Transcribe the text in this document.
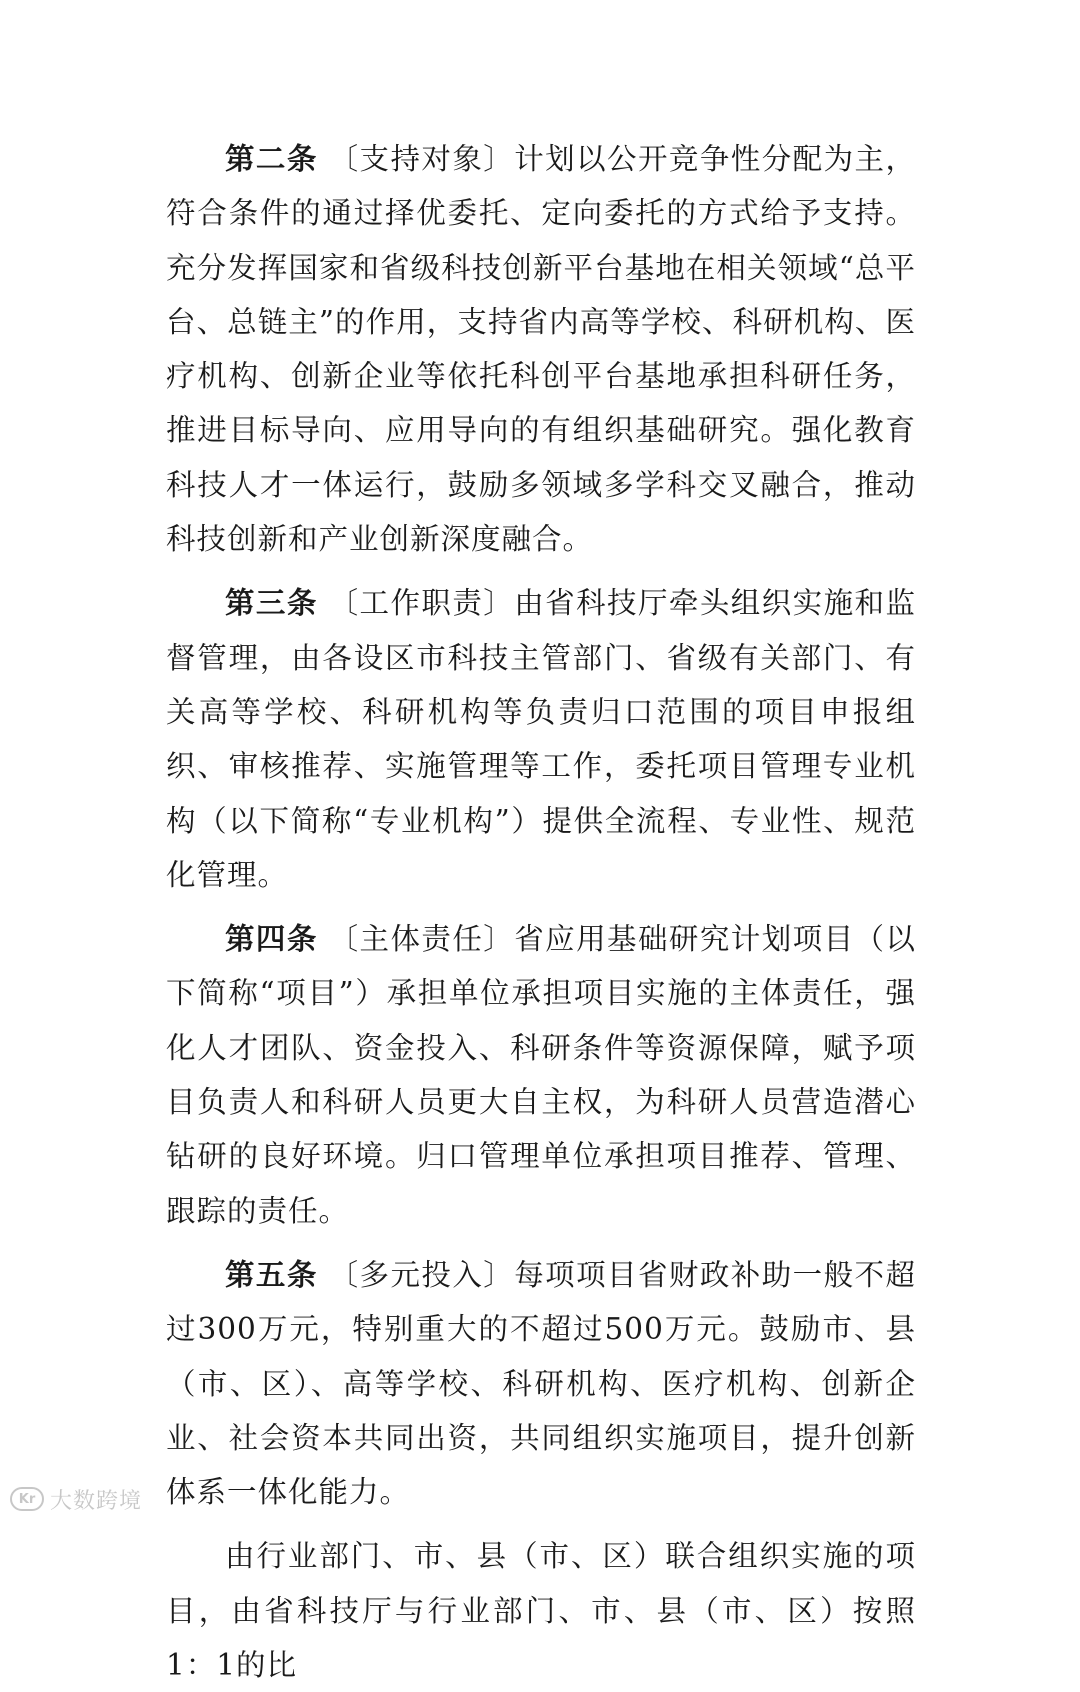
第二条 〔支持对象〕计划以公开竞争性分配为主，符合条件的通过择优委托、定向委托的方式给予支持。充分发挥国家和省级科技创新平台基地在相关领域“总平台、总链主”的作用，支持省内高等学校、科研机构、医疗机构、创新企业等依托科创平台基地承担科研任务，推进目标导向、应用导向的有组织基础研究。强化教育科技人才一体运行，鼓励多领域多学科交叉融合，推动科技创新和产业创新深度融合。

第三条 〔工作职责〕由省科技厅牵头组织实施和监督管理，由各设区市科技主管部门、省级有关部门、有关高等学校、科研机构等负责归口范围的项目申报组织、审核推荐、实施管理等工作，委托项目管理专业机构（以下简称“专业机构”）提供全流程、专业性、规范化管理。

第四条 〔主体责任〕省应用基础研究计划项目（以下简称“项目”）承担单位承担项目实施的主体责任，强化人才团队、资金投入、科研条件等资源保障，赋予项目负责人和科研人员更大自主权，为科研人员营造潜心钻研的良好环境。归口管理单位承担项目推荐、管理、跟踪的责任。

第五条 〔多元投入〕每项项目省财政补助一般不超过300万元，特别重大的不超过500万元。鼓励市、县（市、区）、高等学校、科研机构、医疗机构、创新企业、社会资本共同出资，共同组织实施项目，提升创新体系一体化能力。

由行业部门、市、县（市、区）联合组织实施的项目，由省科技厅与行业部门、市、县（市、区）按照1：1的比

Kr 大数跨境
